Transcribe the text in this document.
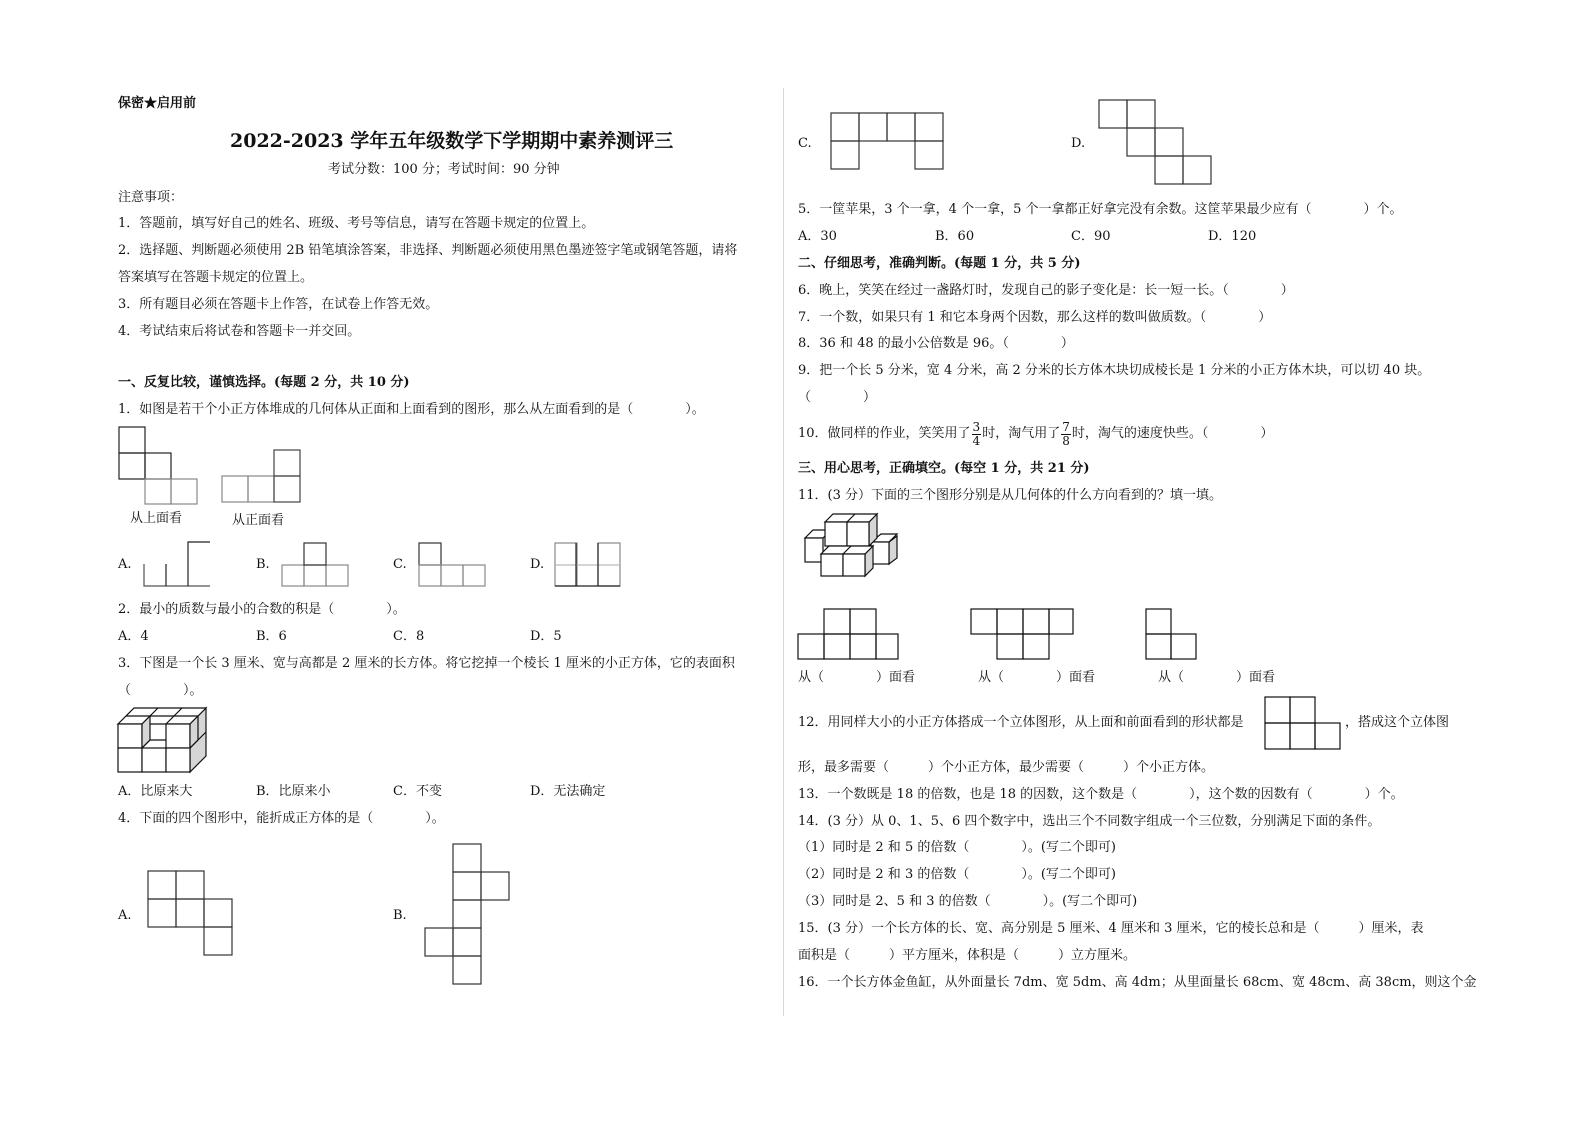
保密★启用前
2022-2023 学年五年级数学下学期期中素养测评三
考试分数：100 分；考试时间：90 分钟
注意事项：
1．答题前，填写好自己的姓名、班级、考号等信息，请写在答题卡规定的位置上。
2．选择题、判断题必须使用 2B 铅笔填涂答案，非选择、判断题必须使用黑色墨迹签字笔或钢笔答题，请将
答案填写在答题卡规定的位置上。
3．所有题目必须在答题卡上作答，在试卷上作答无效。
4．考试结束后将试卷和答题卡一并交回。
一、反复比较，谨慎选择。(每题 2 分，共 10 分)
1．如图是若干个小正方体堆成的几何体从正面和上面看到的图形，那么从左面看到的是（　　　　）。
从上面看	从正面看
A.	B.	C.	D.
2．最小的质数与最小的合数的积是（　　　　）。
A．4	B．6	C．8	D．5
3．下图是一个长 3 厘米、宽与高都是 2 厘米的长方体。将它挖掉一个棱长 1 厘米的小正方体，它的表面积
（　　　　）。
A．比原来大	B．比原来小	C．不变	D．无法确定
4．下面的四个图形中，能折成正方体的是（　　　　）。
A.	B.
C.	D.
5．一筐苹果，3 个一拿，4 个一拿，5 个一拿都正好拿完没有余数。这筐苹果最少应有（　　　　）个。
A．30	B．60	C．90	D．120
二、仔细思考，准确判断。(每题 1 分，共 5 分)
6．晚上，笑笑在经过一盏路灯时，发现自己的影子变化是：长一短一长。（　　　　）
7．一个数，如果只有 1 和它本身两个因数，那么这样的数叫做质数。（　　　　）
8．36 和 48 的最小公倍数是 96。（　　　　）
9．把一个长 5 分米，宽 4 分米，高 2 分米的长方体木块切成棱长是 1 分米的小正方体木块，可以切 40 块。
（　　　　）
10．做同样的作业，笑笑用了 $\frac{3}{4}$ 时，淘气用了 $\frac{7}{8}$ 时，淘气的速度快些。（　　　　）
三、用心思考，正确填空。(每空 1 分，共 21 分)
11．(3 分）下面的三个图形分别是从几何体的什么方向看到的？填一填。
从（　　　　）面看	从（　　　　）面看	从（　　　　）面看
12．用同样大小的小正方体搭成一个立体图形，从上面和前面看到的形状都是	，搭成这个立体图
形，最多需要（　　　）个小正方体，最少需要（　　　）个小正方体。
13．一个数既是 18 的倍数，也是 18 的因数，这个数是（　　　　），这个数的因数有（　　　　）个。
14．(3 分）从 0、1、5、6 四个数字中，选出三个不同数字组成一个三位数，分别满足下面的条件。
（1）同时是 2 和 5 的倍数（　　　　）。(写二个即可)
（2）同时是 2 和 3 的倍数（　　　　）。(写二个即可)
（3）同时是 2、5 和 3 的倍数（　　　　）。(写二个即可)
15．(3 分）一个长方体的长、宽、高分别是 5 厘米、4 厘米和 3 厘米，它的棱长总和是（　　　）厘米，表
面积是（　　　）平方厘米，体积是（　　　）立方厘米。
16．一个长方体金鱼缸，从外面量长 7dm、宽 5dm、高 4dm；从里面量长 68cm、宽 48cm、高 38cm，则这个金
